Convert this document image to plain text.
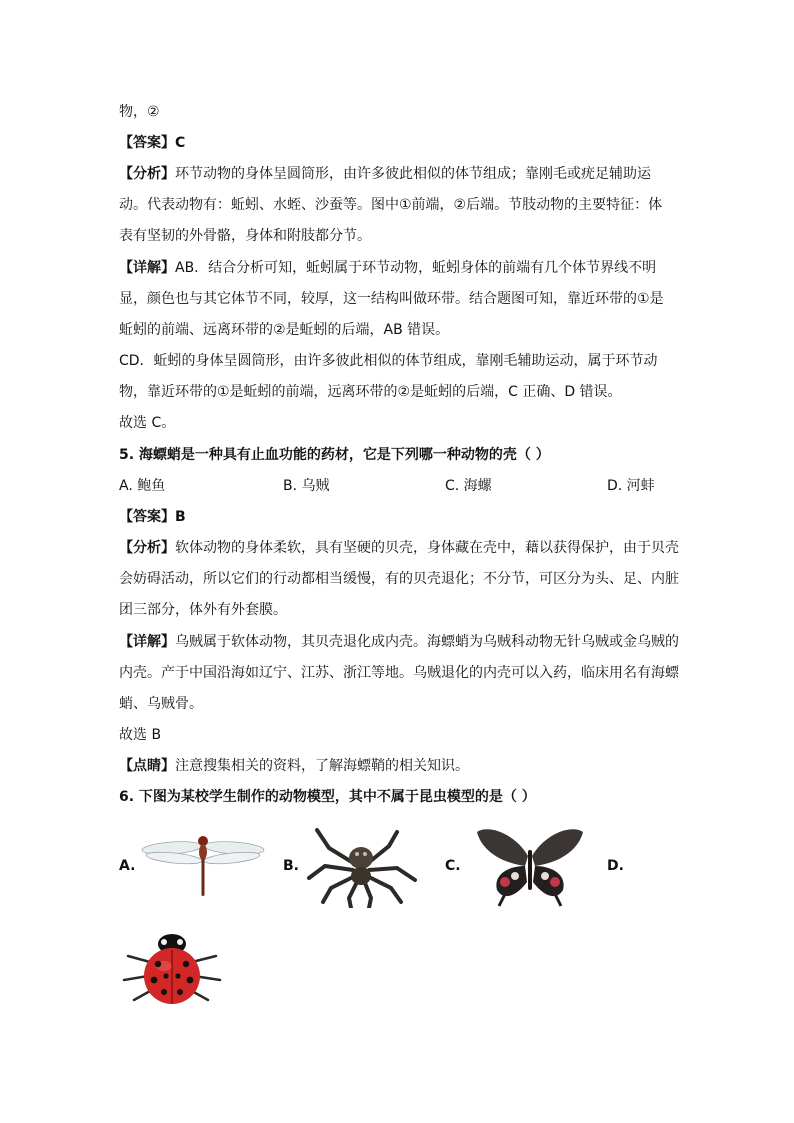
物，②
【答案】C
【分析】环节动物的身体呈圆筒形，由许多彼此相似的体节组成；靠刚毛或疣足辅助运
动。代表动物有：蚯蚓、水蛭、沙蚕等。图中①前端，②后端。节肢动物的主要特征：体
表有坚韧的外骨骼，身体和附肢都分节。
【详解】AB．结合分析可知，蚯蚓属于环节动物，蚯蚓身体的前端有几个体节界线不明
显，颜色也与其它体节不同，较厚，这一结构叫做环带。结合题图可知，靠近环带的①是
蚯蚓的前端、远离环带的②是蚯蚓的后端，AB 错误。
CD．蚯蚓的身体呈圆筒形，由许多彼此相似的体节组成，靠刚毛辅助运动，属于环节动
物，靠近环带的①是蚯蚓的前端，远离环带的②是蚯蚓的后端，C 正确、D 错误。
故选 C。
5. 海螵蛸是一种具有止血功能的药材，它是下列哪一种动物的壳（ ）
A. 鲍鱼	B. 乌贼	C. 海螺	D. 河蚌
【答案】B
【分析】软体动物的身体柔软，具有坚硬的贝壳，身体藏在壳中，藉以获得保护，由于贝壳
会妨碍活动，所以它们的行动都相当缓慢，有的贝壳退化；不分节，可区分为头、足、内脏
团三部分，体外有外套膜。
【详解】乌贼属于软体动物，其贝壳退化成内壳。海螵蛸为乌贼科动物无针乌贼或金乌贼的
内壳。产于中国沿海如辽宁、江苏、浙江等地。乌贼退化的内壳可以入药，临床用名有海螵
蛸、乌贼骨。
故选 B
【点睛】注意搜集相关的资料，了解海螵鞘的相关知识。
6. 下图为某校学生制作的动物模型，其中不属于昆虫模型的是（ ）
A.	B.	C.	D.
